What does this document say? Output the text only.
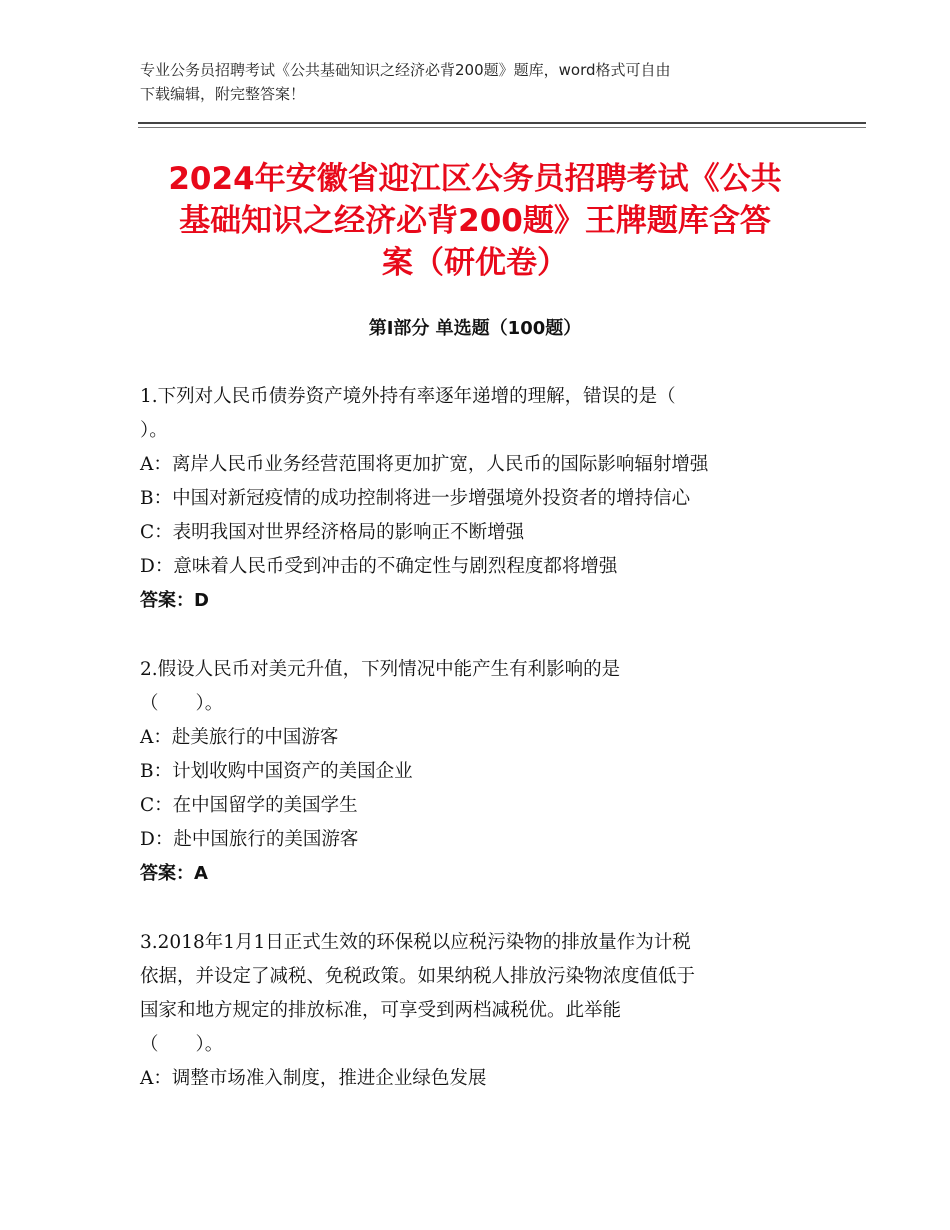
专业公务员招聘考试《公共基础知识之经济必背200题》题库，word格式可自由
下载编辑，附完整答案！
2024年安徽省迎江区公务员招聘考试《公共
基础知识之经济必背200题》王牌题库含答
案（研优卷）
第Ⅰ部分 单选题（100题）
1.下列对人民币债券资产境外持有率逐年递增的理解，错误的是（
）。
A：离岸人民币业务经营范围将更加扩宽，人民币的国际影响辐射增强
B：中国对新冠疫情的成功控制将进一步增强境外投资者的增持信心
C：表明我国对世界经济格局的影响正不断增强
D：意味着人民币受到冲击的不确定性与剧烈程度都将增强
答案：D
2.假设人民币对美元升值，下列情况中能产生有利影响的是
（　　）。
A：赴美旅行的中国游客
B：计划收购中国资产的美国企业
C：在中国留学的美国学生
D：赴中国旅行的美国游客
答案：A
3.2018年1月1日正式生效的环保税以应税污染物的排放量作为计税
依据，并设定了减税、免税政策。如果纳税人排放污染物浓度值低于
国家和地方规定的排放标准，可享受到两档减税优。此举能
（　　）。
A：调整市场准入制度，推进企业绿色发展
